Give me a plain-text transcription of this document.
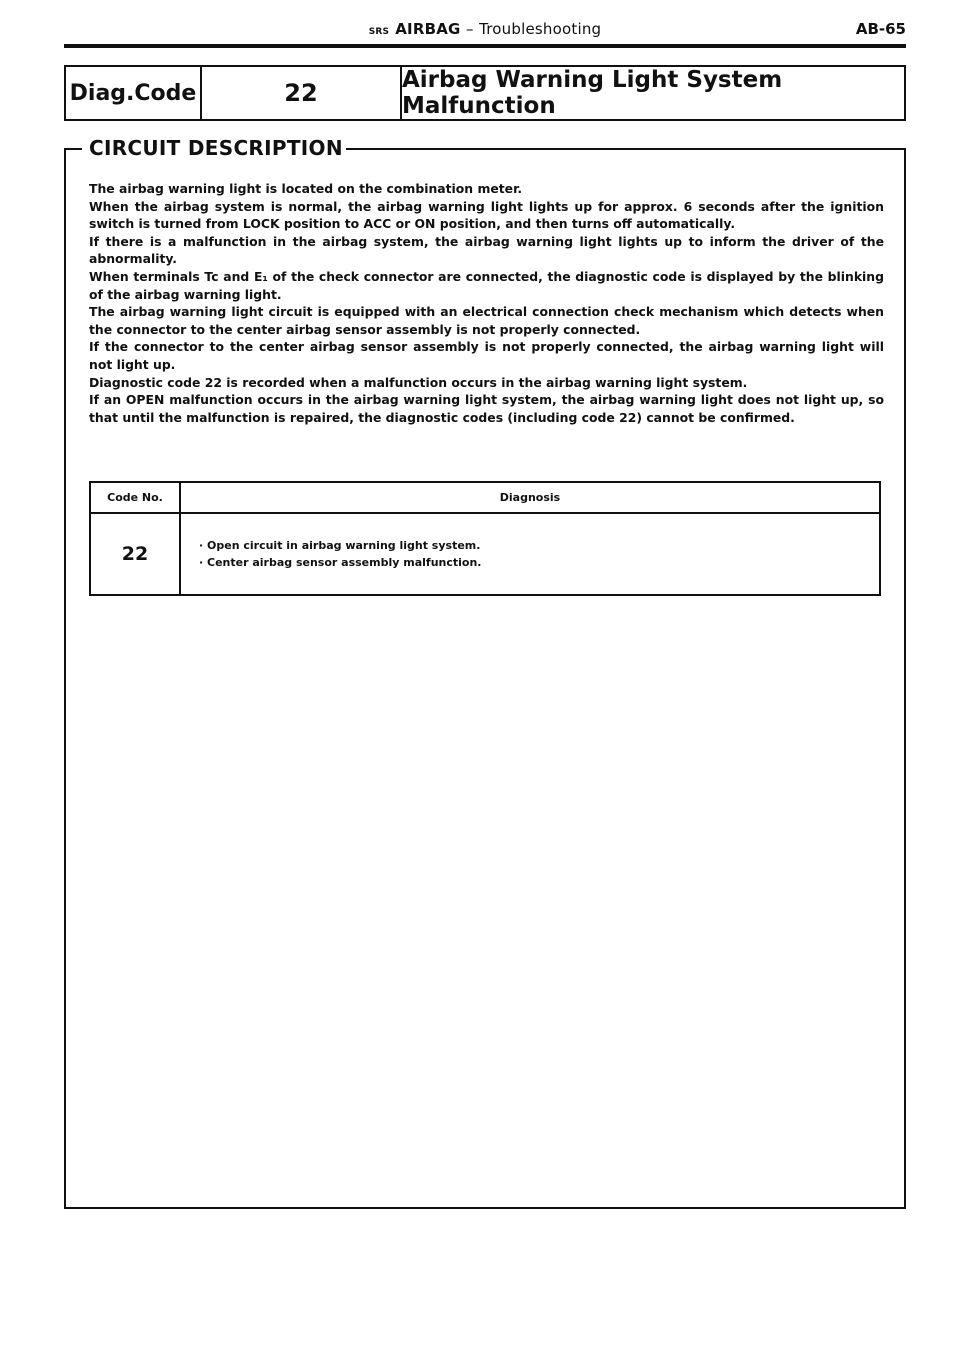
SRS AIRBAG – Troubleshooting	AB-65
Diag.Code	22	Airbag Warning Light System Malfunction
CIRCUIT DESCRIPTION

The airbag warning light is located on the combination meter.

When the airbag system is normal, the airbag warning light lights up for approx. 6 seconds after the ignition switch is turned from LOCK position to ACC or ON position, and then turns off automatically.

If there is a malfunction in the airbag system, the airbag warning light lights up to inform the driver of the abnormality.

When terminals Tc and E₁ of the check connector are connected, the diagnostic code is displayed by the blinking of the airbag warning light.

The airbag warning light circuit is equipped with an electrical connection check mechanism which detects when the connector to the center airbag sensor assembly is not properly connected.

If the connector to the center airbag sensor assembly is not properly connected, the airbag warning light will not light up.

Diagnostic code 22 is recorded when a malfunction occurs in the airbag warning light system.

If an OPEN malfunction occurs in the airbag warning light system, the airbag warning light does not light up, so that until the malfunction is repaired, the diagnostic codes (including code 22) cannot be confirmed.

Code No.	Diagnosis
22	· Open circuit in airbag warning light system.
· Center airbag sensor assembly malfunction.
